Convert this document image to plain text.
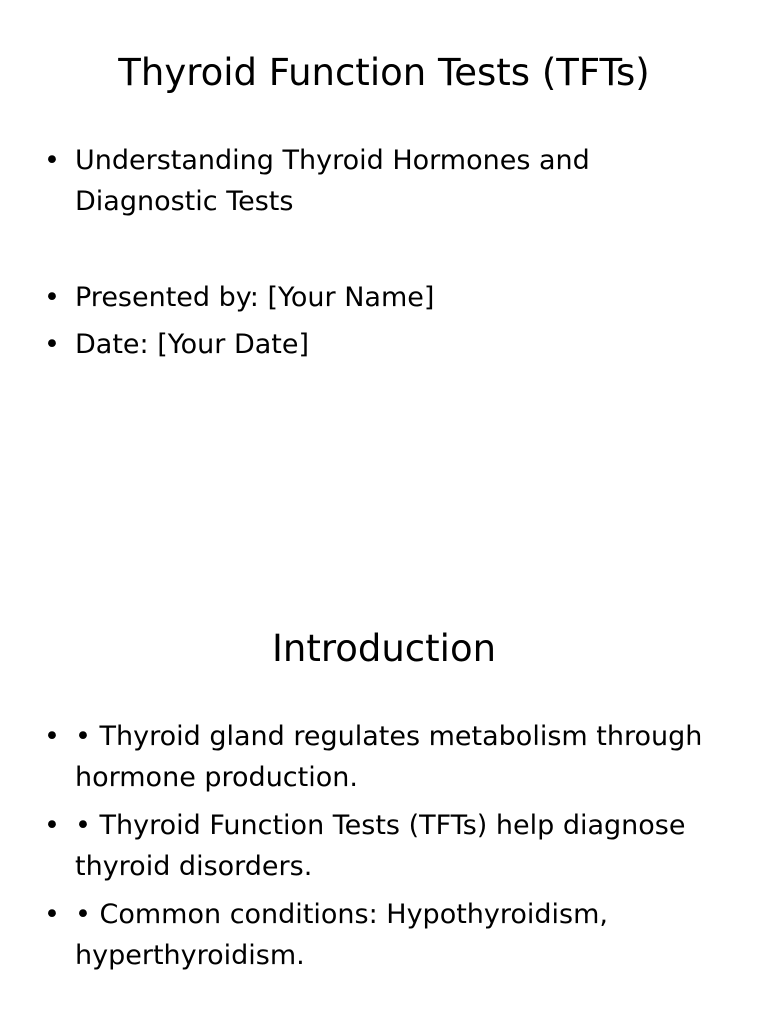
Thyroid Function Tests (TFTs)
• Understanding Thyroid Hormones and Diagnostic Tests
• Presented by: [Your Name]
• Date: [Your Date]
Introduction
• • Thyroid gland regulates metabolism through hormone production.
• • Thyroid Function Tests (TFTs) help diagnose thyroid disorders.
• • Common conditions: Hypothyroidism, hyperthyroidism.
